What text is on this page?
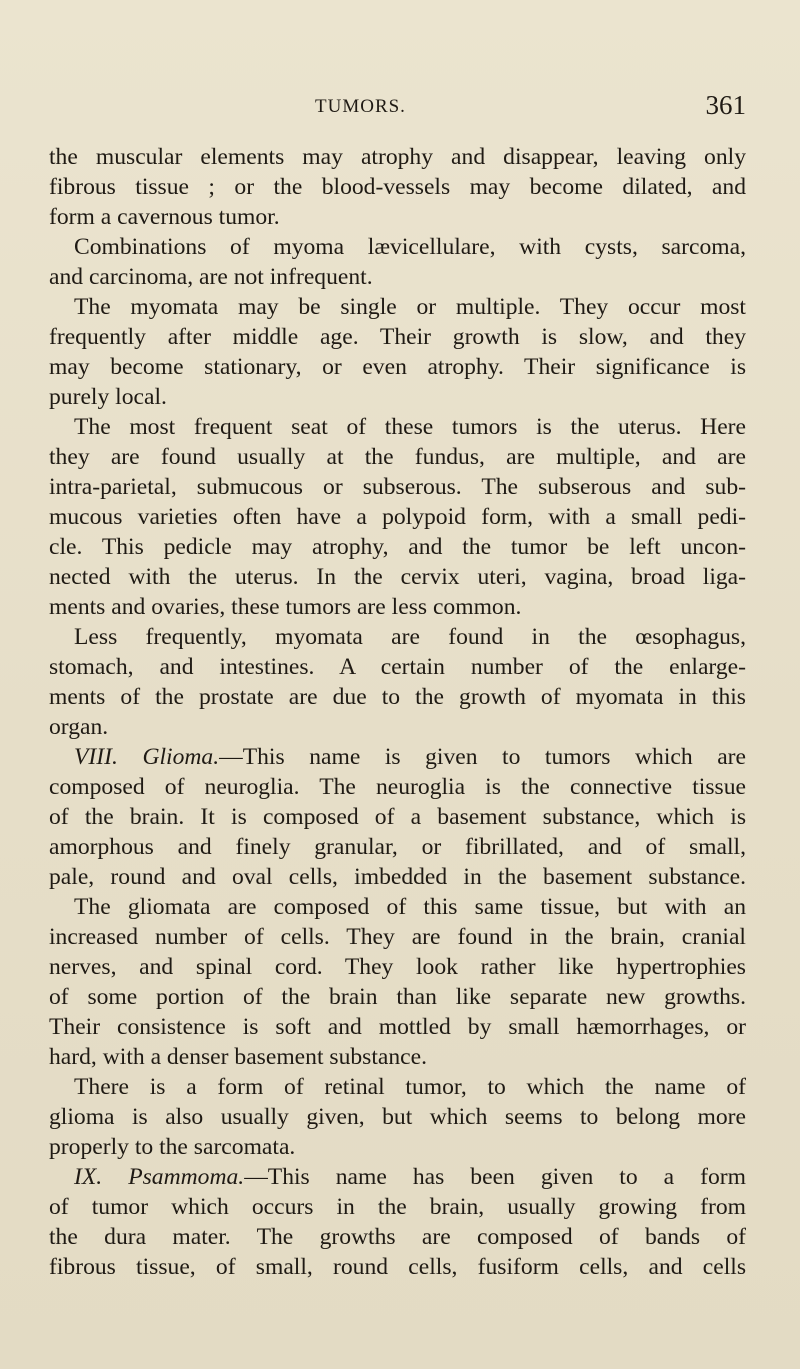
TUMORS.	361
the muscular elements may atrophy and disappear, leaving only
fibrous tissue ; or the blood-vessels may become dilated, and
form a cavernous tumor.
Combinations of myoma lævicellulare, with cysts, sarcoma,
and carcinoma, are not infrequent.
The myomata may be single or multiple. They occur most
frequently after middle age. Their growth is slow, and they
may become stationary, or even atrophy. Their significance is
purely local.
The most frequent seat of these tumors is the uterus. Here
they are found usually at the fundus, are multiple, and are
intra-parietal, submucous or subserous. The subserous and sub-
mucous varieties often have a polypoid form, with a small pedi-
cle. This pedicle may atrophy, and the tumor be left uncon-
nected with the uterus. In the cervix uteri, vagina, broad liga-
ments and ovaries, these tumors are less common.
Less frequently, myomata are found in the œsophagus,
stomach, and intestines. A certain number of the enlarge-
ments of the prostate are due to the growth of myomata in this
organ.
VIII. Glioma.—This name is given to tumors which are
composed of neuroglia. The neuroglia is the connective tissue
of the brain. It is composed of a basement substance, which is
amorphous and finely granular, or fibrillated, and of small,
pale, round and oval cells, imbedded in the basement substance.
The gliomata are composed of this same tissue, but with an
increased number of cells. They are found in the brain, cranial
nerves, and spinal cord. They look rather like hypertrophies
of some portion of the brain than like separate new growths.
Their consistence is soft and mottled by small hæmorrhages, or
hard, with a denser basement substance.
There is a form of retinal tumor, to which the name of
glioma is also usually given, but which seems to belong more
properly to the sarcomata.
IX. Psammoma.—This name has been given to a form
of tumor which occurs in the brain, usually growing from
the dura mater. The growths are composed of bands of
fibrous tissue, of small, round cells, fusiform cells, and cells
